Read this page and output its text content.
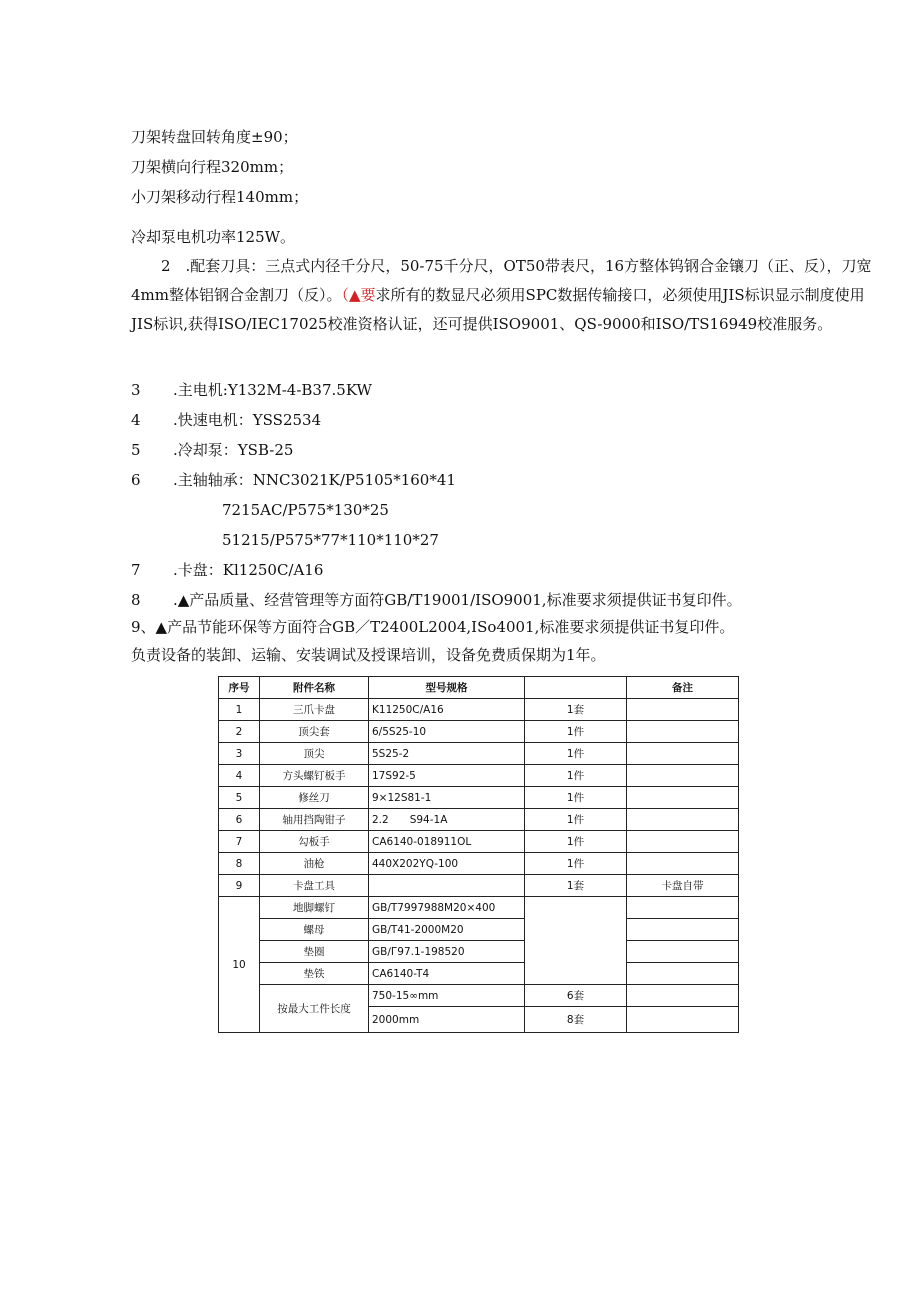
刀架转盘回转角度±90；
刀架横向行程320mm；
小刀架移动行程140mm；
冷却泵电机功率125W。
2　.配套刀具：三点式内径千分尺，50-75千分尺，OT50带表尺，16方整体钨钢合金镶刀（正、反），刀宽4mm整体铝钢合金割刀（反）。（▲要求所有的数显尺必须用SPC数据传输接口，必须使用JIS标识显示制度使用JIS标识,获得ISO/IEC17025校准资格认证，还可提供ISO9001、QS-9000和ISO/TS16949校准服务。
3 .主电机:Y132M-4-B37.5KW
4 .快速电机：YSS2534
5 .冷却泵：YSB-25
6 .主轴轴承：NNC3021K/P5105*160*41
7215AC/P575*130*25
51215/P575*77*110*110*27
7 .卡盘：Kl1250C/A16
8 .▲产品质量、经营管理等方面符GB/T19001/ISO9001,标准要求须提供证书复印件。
9、▲产品节能环保等方面符合GB／T2400L2004,ISo4001,标准要求须提供证书复印件。
负责设备的装卸、运输、安装调试及授课培训，设备免费质保期为1年。
序号	附件名称	型号规格		备注
1	三爪卡盘	K11250C/A16	1套	
2	顶尖套	6/5S25-10	1件	
3	顶尖	5S25-2	1件	
4	方头螺钉板手	17S92-5	1件	
5	修丝刀	9×12S81-1	1件	
6	轴用挡陶钳子	2.2　　S94-1A	1件	
7	勾板手	CA6140-018911OL	1件	
8	油枪	440X202YQ-100	1件	
9	卡盘工具		1套	卡盘自带
10	地脚螺钉	GB∕T7997988M20×400		
	螺母	GB∕T41-2000M20		
	垫圈	GB∕Г97.1-198520		
	垫铁	CA6140-T4		
	按最大工件长度	750-15∞mm	6套	
		2000mm	8套	
